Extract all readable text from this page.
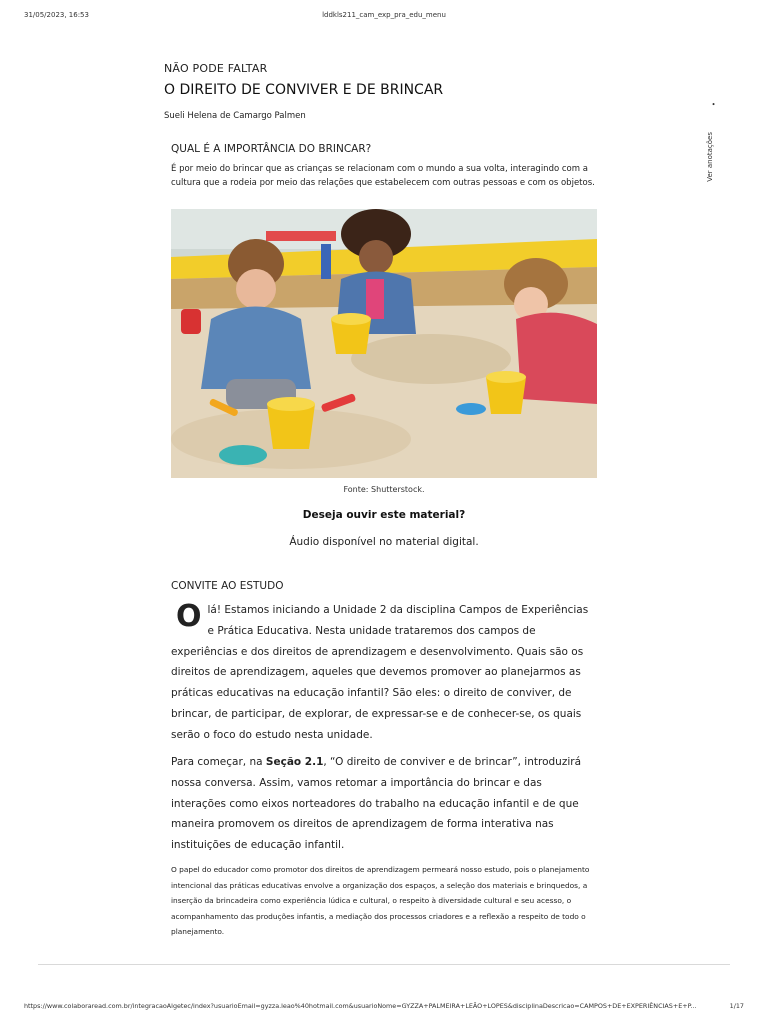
31/05/2023, 16:53	lddkls211_cam_exp_pra_edu_menu
•
Ver anotações
NÃO PODE FALTAR
O DIREITO DE CONVIVER E DE BRINCAR
Sueli Helena de Camargo Palmen
QUAL É A IMPORTÂNCIA DO BRINCAR?
É por meio do brincar que as crianças se relacionam com o mundo a sua volta, interagindo com a cultura que a rodeia por meio das relações que estabelecem com outras pessoas e com os objetos.
Fonte: Shutterstock.
Deseja ouvir este material?
Áudio disponível no material digital.
CONVITE AO ESTUDO
Olá! Estamos iniciando a Unidade 2 da disciplina Campos de Experiências e Prática Educativa. Nesta unidade trataremos dos campos de experiências e dos direitos de aprendizagem e desenvolvimento. Quais são os direitos de aprendizagem, aqueles que devemos promover ao planejarmos as práticas educativas na educação infantil? São eles: o direito de conviver, de brincar, de participar, de explorar, de expressar-se e de conhecer-se, os quais serão o foco do estudo nesta unidade.
Para começar, na Seção 2.1, “O direito de conviver e de brincar”, introduzirá nossa conversa. Assim, vamos retomar a importância do brincar e das interações como eixos norteadores do trabalho na educação infantil e de que maneira promovem os direitos de aprendizagem de forma interativa nas instituições de educação infantil.
O papel do educador como promotor dos direitos de aprendizagem permeará nosso estudo, pois o planejamento intencional das práticas educativas envolve a organização dos espaços, a seleção dos materiais e brinquedos, a inserção da brincadeira como experiência lúdica e cultural, o respeito à diversidade cultural e seu acesso, o acompanhamento das produções infantis, a mediação dos processos criadores e a reflexão a respeito de todo o planejamento.
https://www.colaboraread.com.br/integracaoAlgetec/index?usuarioEmail=gyzza.leao%40hotmail.com&usuarioNome=GYZZA+PALMEIRA+LEÃO+LOPES&disciplinaDescricao=CAMPOS+DE+EXPERIÊNCIAS+E+P...	1/17
